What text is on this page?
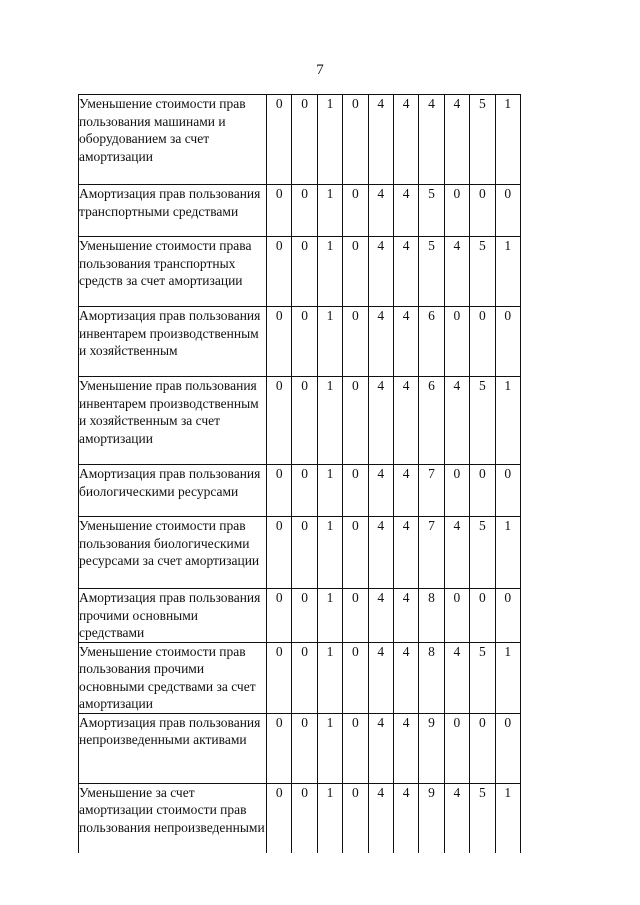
7
Уменьшение стоимости прав пользования машинами и оборудованием за счет амортизации	0	0	1	0	4	4	4	4	5	1
Амортизация прав пользования транспортными средствами	0	0	1	0	4	4	5	0	0	0
Уменьшение стоимости права пользования транспортных средств за счет амортизации	0	0	1	0	4	4	5	4	5	1
Амортизация прав пользования инвентарем производственным и хозяйственным	0	0	1	0	4	4	6	0	0	0
Уменьшение прав пользования инвентарем производственным и хозяйственным за счет амортизации	0	0	1	0	4	4	6	4	5	1
Амортизация прав пользования биологическими ресурсами	0	0	1	0	4	4	7	0	0	0
Уменьшение стоимости прав пользования биологическими ресурсами за счет амортизации	0	0	1	0	4	4	7	4	5	1
Амортизация прав пользования прочими основными средствами	0	0	1	0	4	4	8	0	0	0
Уменьшение стоимости прав пользования прочими основными средствами за счет амортизации	0	0	1	0	4	4	8	4	5	1
Амортизация прав пользования непроизведенными активами	0	0	1	0	4	4	9	0	0	0
Уменьшение за счет амортизации стоимости прав пользования непроизведенными	0	0	1	0	4	4	9	4	5	1
